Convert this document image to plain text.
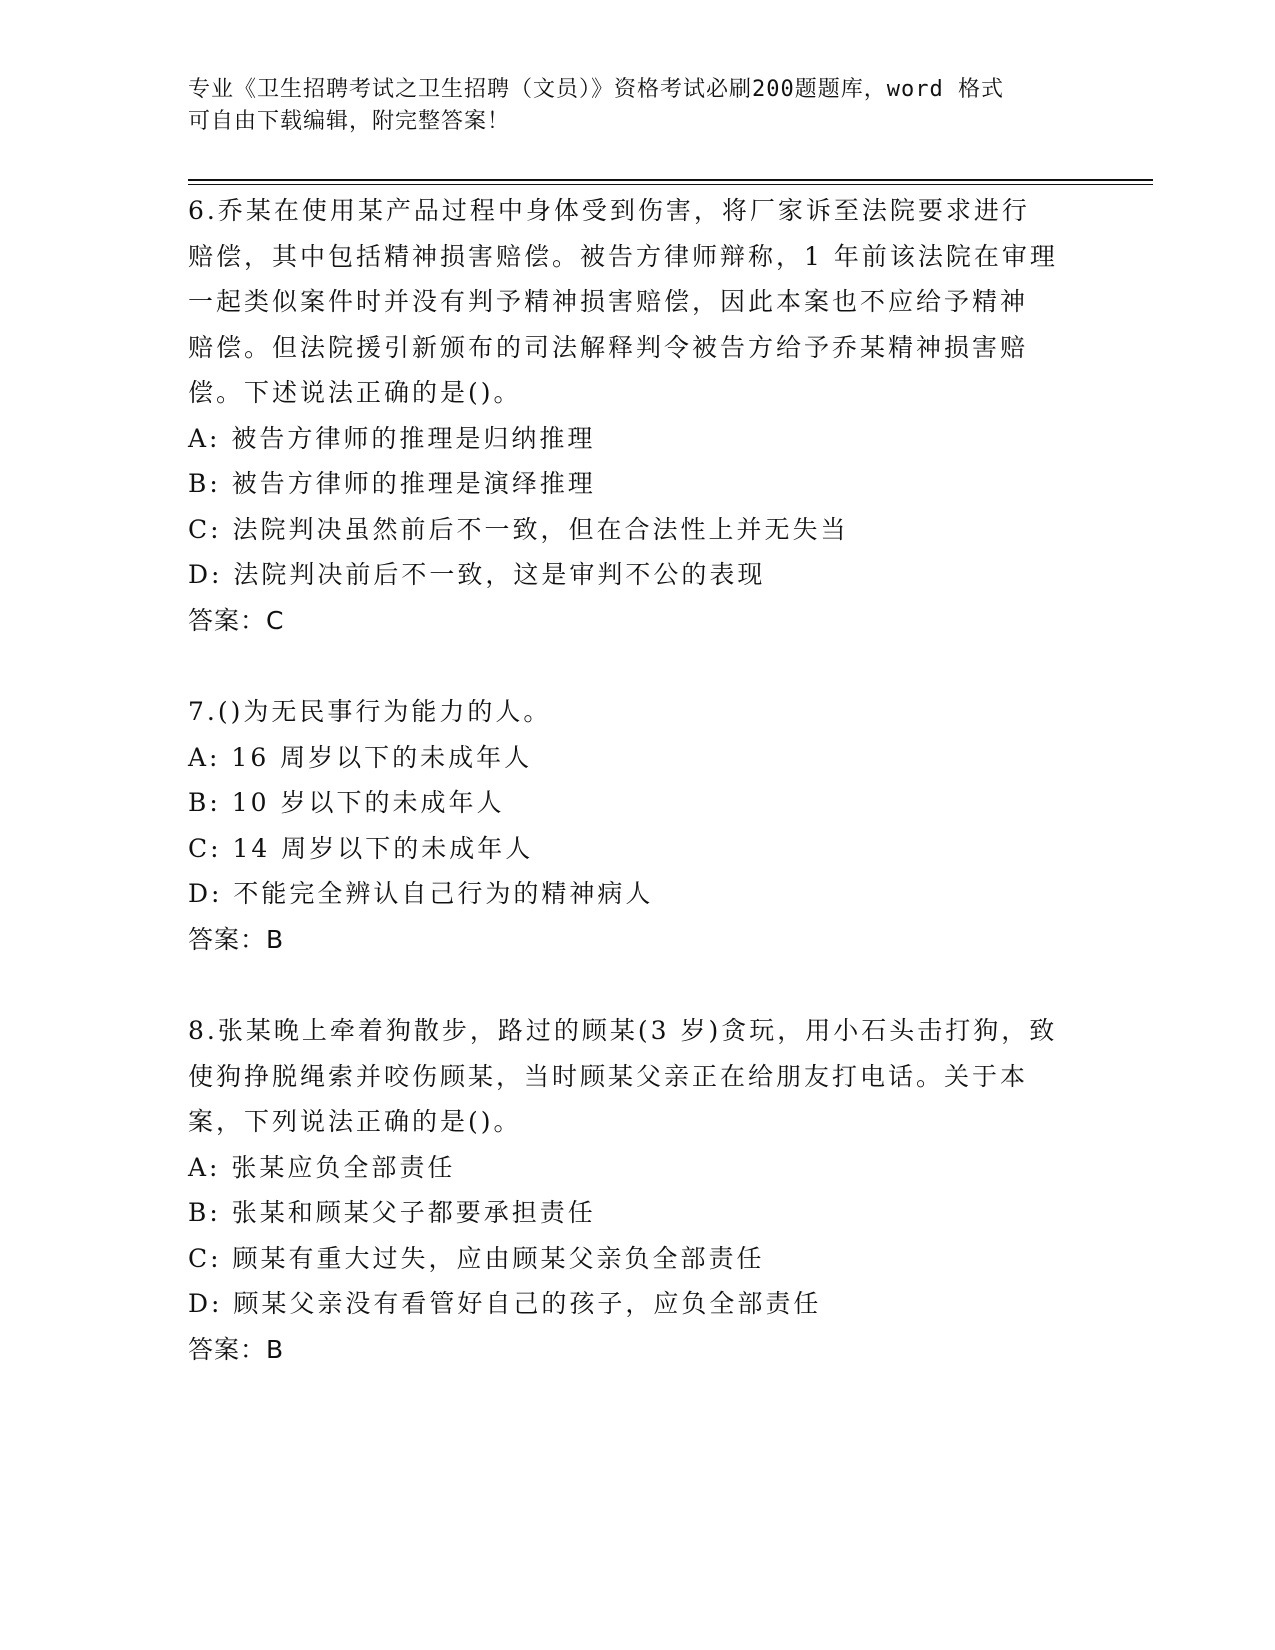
专业《卫生招聘考试之卫生招聘（文员）》资格考试必刷200题题库，word 格式
可自由下载编辑，附完整答案！
6.乔某在使用某产品过程中身体受到伤害，将厂家诉至法院要求进行
赔偿，其中包括精神损害赔偿。被告方律师辩称，1 年前该法院在审理
一起类似案件时并没有判予精神损害赔偿，因此本案也不应给予精神
赔偿。但法院援引新颁布的司法解释判令被告方给予乔某精神损害赔
偿。下述说法正确的是()。
A: 被告方律师的推理是归纳推理
B: 被告方律师的推理是演绎推理
C: 法院判决虽然前后不一致，但在合法性上并无失当
D: 法院判决前后不一致，这是审判不公的表现
答案：C
7.()为无民事行为能力的人。
A: 16 周岁以下的未成年人
B: 10 岁以下的未成年人
C: 14 周岁以下的未成年人
D: 不能完全辨认自己行为的精神病人
答案：B
8.张某晚上牵着狗散步，路过的顾某(3 岁)贪玩，用小石头击打狗，致
使狗挣脱绳索并咬伤顾某，当时顾某父亲正在给朋友打电话。关于本
案，下列说法正确的是()。
A: 张某应负全部责任
B: 张某和顾某父子都要承担责任
C: 顾某有重大过失，应由顾某父亲负全部责任
D: 顾某父亲没有看管好自己的孩子，应负全部责任
答案：B
